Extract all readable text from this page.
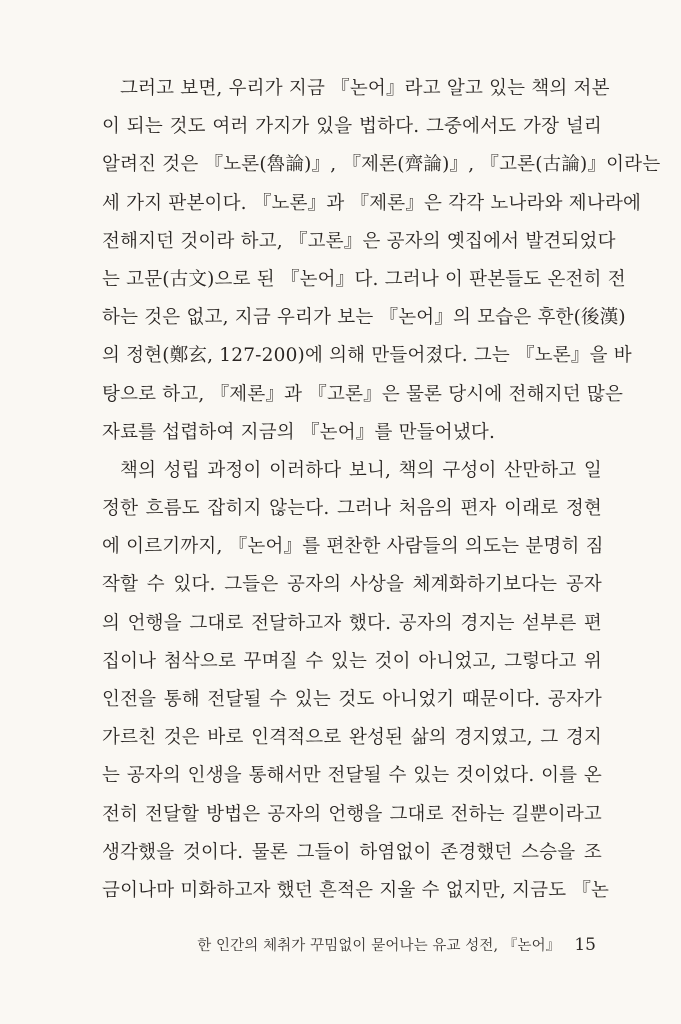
그러고 보면, 우리가 지금 『논어』라고 알고 있는 책의 저본
이 되는 것도 여러 가지가 있을 법하다. 그중에서도 가장 널리
알려진 것은 『노론(魯論)』, 『제론(齊論)』, 『고론(古論)』이라는
세 가지 판본이다. 『노론』과 『제론』은 각각 노나라와 제나라에
전해지던 것이라 하고, 『고론』은 공자의 옛집에서 발견되었다
는 고문(古文)으로 된 『논어』다. 그러나 이 판본들도 온전히 전
하는 것은 없고, 지금 우리가 보는 『논어』의 모습은 후한(後漢)
의 정현(鄭玄, 127-200)에 의해 만들어졌다. 그는 『노론』을 바
탕으로 하고, 『제론』과 『고론』은 물론 당시에 전해지던 많은
자료를 섭렵하여 지금의 『논어』를 만들어냈다.
책의 성립 과정이 이러하다 보니, 책의 구성이 산만하고 일
정한 흐름도 잡히지 않는다. 그러나 처음의 편자 이래로 정현
에 이르기까지, 『논어』를 편찬한 사람들의 의도는 분명히 짐
작할 수 있다. 그들은 공자의 사상을 체계화하기보다는 공자
의 언행을 그대로 전달하고자 했다. 공자의 경지는 섣부른 편
집이나 첨삭으로 꾸며질 수 있는 것이 아니었고, 그렇다고 위
인전을 통해 전달될 수 있는 것도 아니었기 때문이다. 공자가
가르친 것은 바로 인격적으로 완성된 삶의 경지였고, 그 경지
는 공자의 인생을 통해서만 전달될 수 있는 것이었다. 이를 온
전히 전달할 방법은 공자의 언행을 그대로 전하는 길뿐이라고
생각했을 것이다. 물론 그들이 하염없이 존경했던 스승을 조
금이나마 미화하고자 했던 흔적은 지울 수 없지만, 지금도 『논
한 인간의 체취가 꾸밈없이 묻어나는 유교 성전, 『논어』 15
